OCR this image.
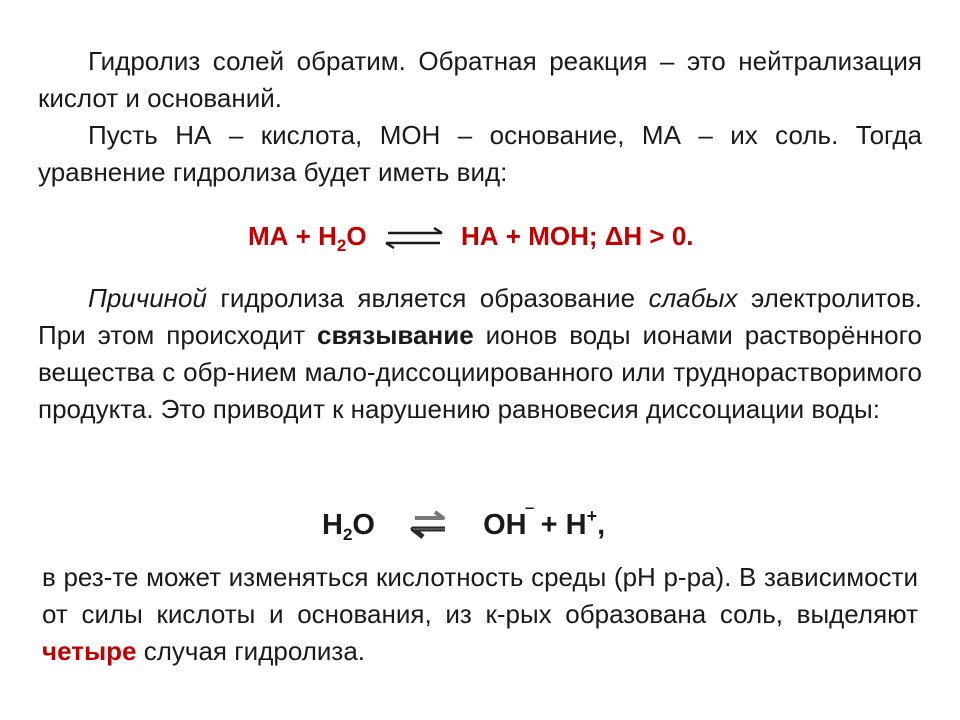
Гидролиз солей обратим. Обратная реакция – это нейтрализация кислот и оснований.
Пусть НА – кислота, МОН – основание, МА – их соль. Тогда уравнение гидролиза будет иметь вид:
МА + $Н_2О$ ⇌ НА + МОН; ΔН > 0.
Причиной гидролиза является образование слабых электролитов. При этом происходит связывание ионов воды ионами растворённого вещества с обр-нием мало-диссоциированного или труднорастворимого продукта. Это приводит к нарушению равновесия диссоциации воды:
$H_2O$	OH‾ + H+,
в рез-те может изменяться кислотность среды (рН р-ра). В зависимости от силы кислоты и основания, из к-рых образована соль, выделяют четыре случая гидролиза.
